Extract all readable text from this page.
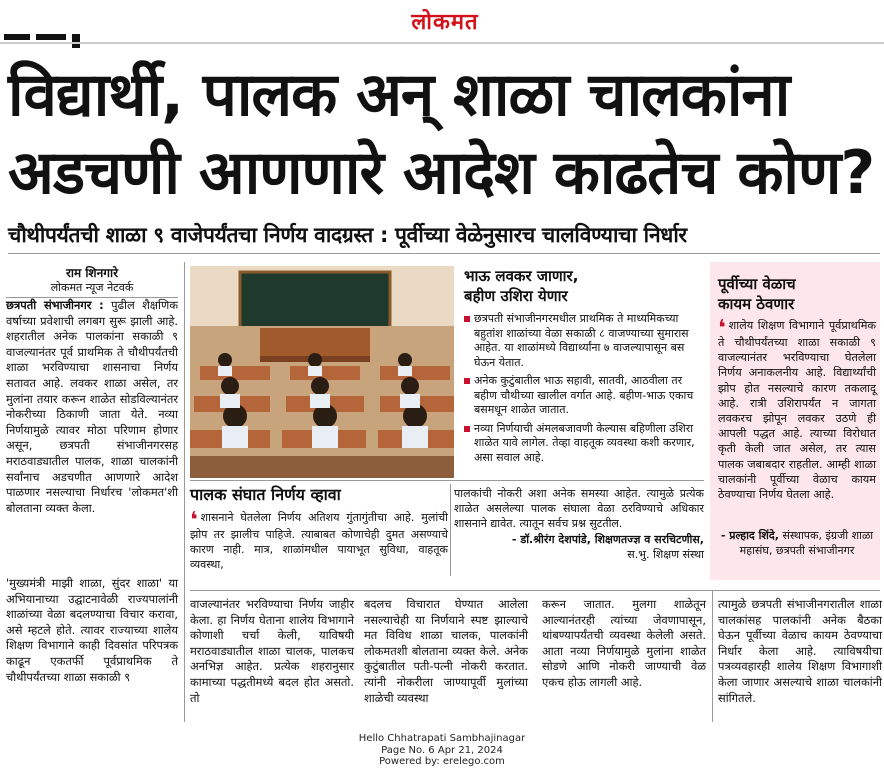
लोकमत
विद्यार्थी, पालक अन् शाळा चालकांना
अडचणी आणणारे आदेश काढतेच कोण?
चौथीपर्यंतची शाळा ९ वाजेपर्यंतचा निर्णय वादग्रस्त : पूर्वीच्या वेळेनुसारच चालविण्याचा निर्धार
राम शिनगारे
लोकमत न्यूज नेटवर्क
छत्रपती संभाजीनगर : पुढील शैक्षणिक वर्षाच्या प्रवेशाची लगबग सुरू झाली आहे. शहरातील अनेक पालकांना सकाळी ९ वाजल्यानंतर पूर्व प्राथमिक ते चौथीपर्यंतची शाळा भरविण्याचा शासनाचा निर्णय सतावत आहे. लवकर शाळा असेल, तर मुलांना तयार करून शाळेत सोडविल्यानंतर नोकरीच्या ठिकाणी जाता येते. नव्या निर्णयामुळे त्यावर मोठा परिणाम होणार असून, छत्रपती संभाजीनगरसह मराठवाड्यातील पालक, शाळा चालकांनी सर्वांनाच अडचणीत आणणारे आदेश पाळणार नसल्याचा निर्धारच 'लोकमत'शी बोलताना व्यक्त केला.
'मुख्यमंत्री माझी शाळा, सुंदर शाळा' या अभियानाच्या उद्घाटनावेळी राज्यपालांनी शाळांच्या वेळा बदलण्याचा विचार करावा, असे म्हटले होते. त्यावर राज्याच्या शालेय शिक्षण विभागाने काही दिवसांत परिपत्रक काढून एकतर्फी पूर्वप्राथमिक ते चौथीपर्यंतच्या शाळा सकाळी ९
भाऊ लवकर जाणार,
बहीण उशिरा येणार
छत्रपती संभाजीनगरमधील प्राथमिक ते माध्यमिकच्या बहुतांश शाळांच्या वेळा सकाळी ८ वाजण्याच्या सुमारास आहेत. या शाळांमध्ये विद्यार्थ्यांना ७ वाजल्यापासून बस घेऊन येतात.
अनेक कुटुंबातील भाऊ सहावी, सातवी, आठवीला तर बहीण चौथीच्या खालील वर्गात आहे. बहीण-भाऊ एकाच बसमधून शाळेत जातात.
नव्या निर्णयाची अंमलबजावणी केल्यास बहिणीला उशिरा शाळेत यावे लागेल. तेव्हा वाहतूक व्यवस्था कशी करणार, असा सवाल आहे.
पूर्वीच्या वेळाच
कायम ठेवणार
❛ शालेय शिक्षण विभागाने पूर्वप्राथमिक ते चौथीपर्यंतच्या शाळा सकाळी ९ वाजल्यानंतर भरविण्याचा घेतलेला निर्णय अनाकलनीय आहे. विद्यार्थ्यांची झोप होत नसल्याचे कारण तकलादू आहे. रात्री उशिरापर्यंत न जागता लवकरच झोपून लवकर उठणे ही आपली पद्धत आहे. त्याच्या विरोधात कृती केली जात असेल, तर त्यास पालक जबाबदार राहतील. आम्ही शाळा चालकांनी पूर्वीच्या वेळाच कायम ठेवण्याचा निर्णय घेतला आहे.
- प्रल्हाद शिंदे, संस्थापक, इंग्रजी शाळा महासंघ, छत्रपती संभाजीनगर
पालक संघात निर्णय व्हावा
❛ शासनाने घेतलेला निर्णय अतिशय गुंतागुंतीचा आहे. मुलांची झोप तर झालीच पाहिजे. त्याबाबत कोणाचेही दुमत असण्याचे कारण नाही. मात्र, शाळांमधील पायाभूत सुविधा, वाहतूक व्यवस्था,
पालकांची नोकरी अशा अनेक समस्या आहेत. त्यामुळे प्रत्येक शाळेत असलेल्या पालक संघाला वेळा ठरविण्याचे अधिकार शासनाने द्यावेत. त्यातून सर्वच प्रश्न सुटतील.
- डॉ.श्रीरंग देशपांडे, शिक्षणतज्ज्ञ व सरचिटणीस,
स.भु. शिक्षण संस्था
वाजल्यानंतर भरविण्याचा निर्णय जाहीर केला. हा निर्णय घेताना शालेय विभागाने कोणाशी चर्चा केली, याविषयी मराठवाड्यातील शाळा चालक, पालकच अनभिज्ञ आहेत. प्रत्येक शहरानुसार कामाच्या पद्धतीमध्ये बदल होत असतो. तो
बदलच विचारात घेण्यात आलेला नसल्याचेही या निर्णयाने स्पष्ट झाल्याचे मत विविध शाळा चालक, पालकांनी लोकमतशी बोलताना व्यक्त केले. अनेक कुटुंबातील पती-पत्नी नोकरी करतात. त्यांनी नोकरीला जाण्यापूर्वी मुलांच्या शाळेची व्यवस्था
करून जातात. मुलगा शाळेतून आल्यानंतरही त्यांच्या जेवणापासून, थांबण्यापर्यंतची व्यवस्था केलेली असते. आता नव्या निर्णयामुळे मुलांना शाळेत सोडणे आणि नोकरी जाण्याची वेळ एकच होऊ लागली आहे.
त्यामुळे छत्रपती संभाजीनगरातील शाळा चालकांसह पालकांनी अनेक बैठका घेऊन पूर्वीच्या वेळाच कायम ठेवण्याचा निर्धार केला आहे. त्याविषयीचा पत्रव्यवहारही शालेय शिक्षण विभागाशी केला जाणार असल्याचे शाळा चालकांनी सांगितले.
Hello Chhatrapati Sambhajinagar
Page No. 6 Apr 21, 2024
Powered by: erelego.com
